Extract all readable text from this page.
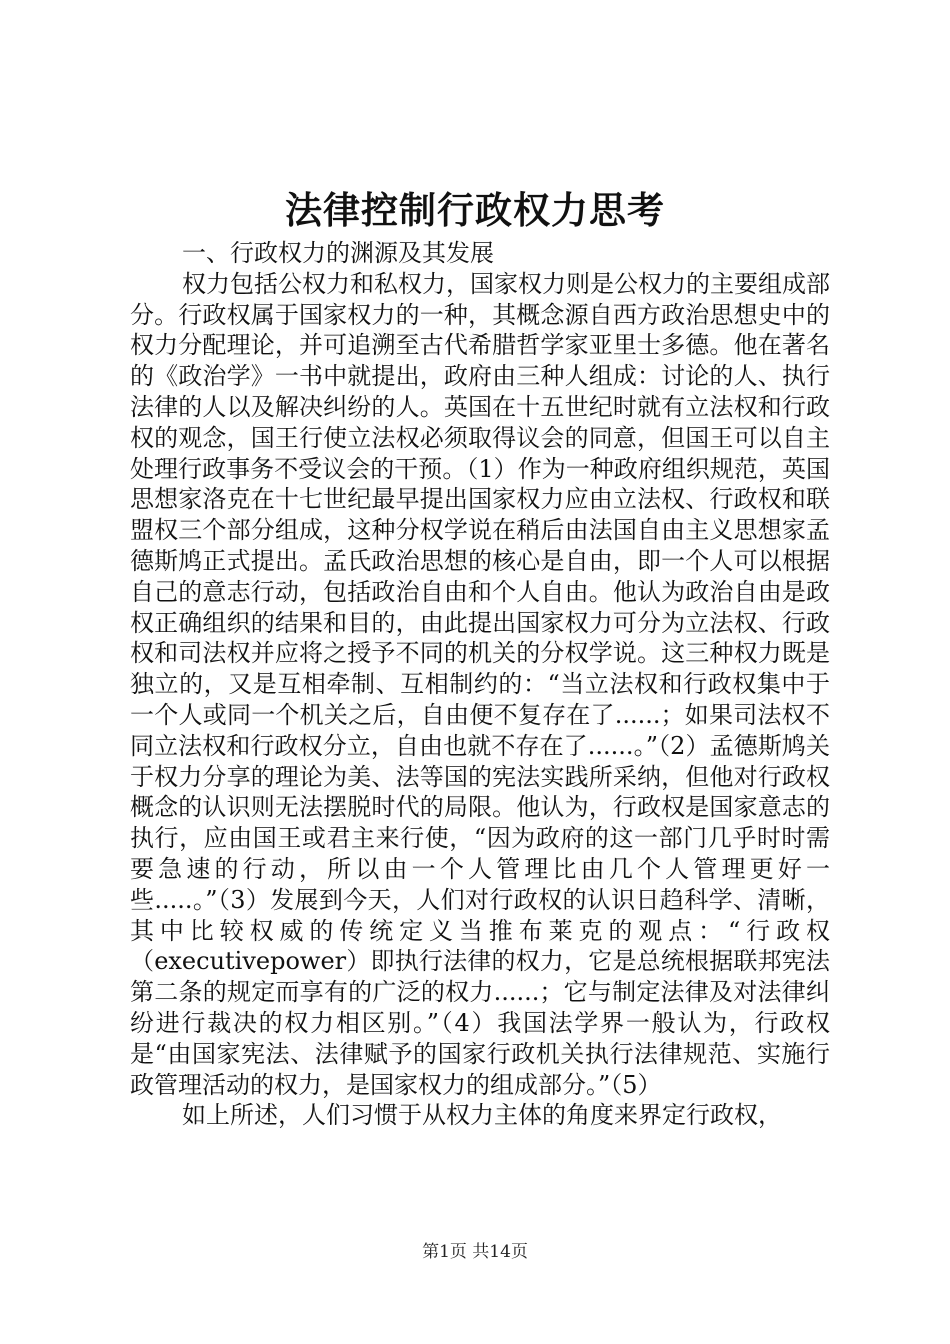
法律控制行政权力思考

一、行政权力的渊源及其发展

权力包括公权力和私权力，国家权力则是公权力的主要组成部分。行政权属于国家权力的一种，其概念源自西方政治思想史中的权力分配理论，并可追溯至古代希腊哲学家亚里士多德。他在著名的《政治学》一书中就提出，政府由三种人组成：讨论的人、执行法律的人以及解决纠纷的人。英国在十五世纪时就有立法权和行政权的观念，国王行使立法权必须取得议会的同意，但国王可以自主处理行政事务不受议会的干预。（1）作为一种政府组织规范，英国思想家洛克在十七世纪最早提出国家权力应由立法权、行政权和联盟权三个部分组成，这种分权学说在稍后由法国自由主义思想家孟德斯鸠正式提出。孟氏政治思想的核心是自由，即一个人可以根据自己的意志行动，包括政治自由和个人自由。他认为政治自由是政权正确组织的结果和目的，由此提出国家权力可分为立法权、行政权和司法权并应将之授予不同的机关的分权学说。这三种权力既是独立的，又是互相牵制、互相制约的：“当立法权和行政权集中于一个人或同一个机关之后，自由便不复存在了......；如果司法权不同立法权和行政权分立，自由也就不存在了......。”（2）孟德斯鸠关于权力分享的理论为美、法等国的宪法实践所采纳，但他对行政权概念的认识则无法摆脱时代的局限。他认为，行政权是国家意志的执行，应由国王或君主来行使，“因为政府的这一部门几乎时时需要急速的行动，所以由一个人管理比由几个人管理更好一些.....。”（3）发展到今天，人们对行政权的认识日趋科学、清晰，其中比较权威的传统定义当推布莱克的观点：“行政权（executivepower）即执行法律的权力，它是总统根据联邦宪法第二条的规定而享有的广泛的权力......；它与制定法律及对法律纠纷进行裁决的权力相区别。”（4）我国法学界一般认为，行政权是“由国家宪法、法律赋予的国家行政机关执行法律规范、实施行政管理活动的权力，是国家权力的组成部分。”（5）

如上所述，人们习惯于从权力主体的角度来界定行政权，

第1页 共14页
